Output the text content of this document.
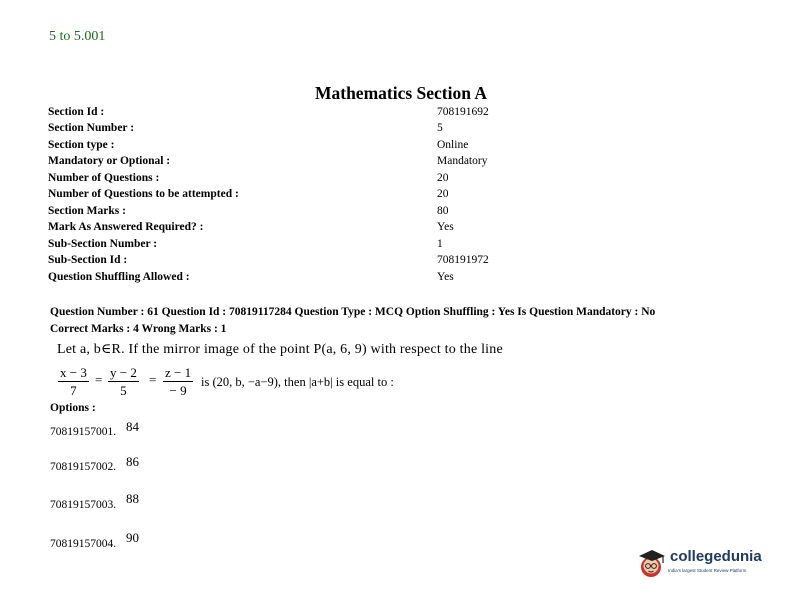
5 to 5.001
Mathematics Section A
Section Id :	708191692
Section Number :	5
Section type :	Online
Mandatory or Optional :	Mandatory
Number of Questions :	20
Number of Questions to be attempted :	20
Section Marks :	80
Mark As Answered Required? :	Yes
Sub-Section Number :	1
Sub-Section Id :	708191972
Question Shuffling Allowed :	Yes
Question Number : 61 Question Id : 70819117284 Question Type : MCQ Option Shuffling : Yes Is Question Mandatory : No
Correct Marks : 4 Wrong Marks : 1
Let a, b∈R. If the mirror image of the point P(a, 6, 9) with respect to the line
$\frac{x - 3}{7} = \frac{y - 2}{5} = \frac{z - 1}{- 9}$ is (20, b, −a−9), then |a+b| is equal to :
Options :
70819157001. 84
70819157002. 86
70819157003. 88
70819157004. 90
collegedunia
India's largest Student Review Platform
